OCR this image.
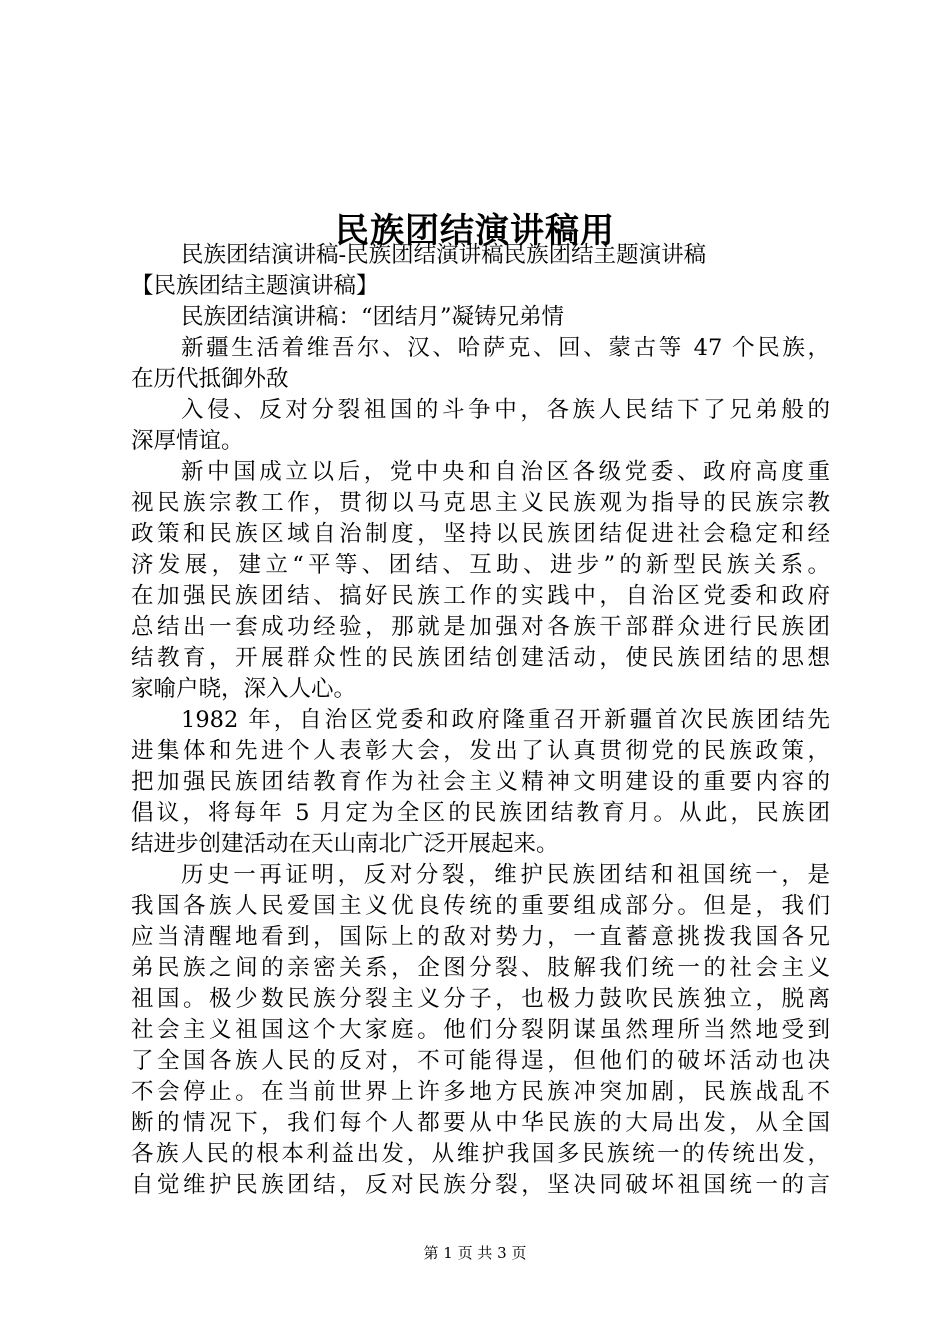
民族团结演讲稿用
民族团结演讲稿-民族团结演讲稿民族团结主题演讲稿
【民族团结主题演讲稿】
民族团结演讲稿：“团结月”凝铸兄弟情
新疆生活着维吾尔、汉、哈萨克、回、蒙古等 47 个民族，
在历代抵御外敌
入侵、反对分裂祖国的斗争中，各族人民结下了兄弟般的
深厚情谊。
新中国成立以后，党中央和自治区各级党委、政府高度重
视民族宗教工作，贯彻以马克思主义民族观为指导的民族宗教
政策和民族区域自治制度，坚持以民族团结促进社会稳定和经
济发展，建立“平等、团结、互助、进步”的新型民族关系。
在加强民族团结、搞好民族工作的实践中，自治区党委和政府
总结出一套成功经验，那就是加强对各族干部群众进行民族团
结教育，开展群众性的民族团结创建活动，使民族团结的思想
家喻户晓，深入人心。
1982 年，自治区党委和政府隆重召开新疆首次民族团结先
进集体和先进个人表彰大会，发出了认真贯彻党的民族政策，
把加强民族团结教育作为社会主义精神文明建设的重要内容的
倡议，将每年 5 月定为全区的民族团结教育月。从此，民族团
结进步创建活动在天山南北广泛开展起来。
历史一再证明，反对分裂，维护民族团结和祖国统一，是
我国各族人民爱国主义优良传统的重要组成部分。但是，我们
应当清醒地看到，国际上的敌对势力，一直蓄意挑拨我国各兄
弟民族之间的亲密关系，企图分裂、肢解我们统一的社会主义
祖国。极少数民族分裂主义分子，也极力鼓吹民族独立，脱离
社会主义祖国这个大家庭。他们分裂阴谋虽然理所当然地受到
了全国各族人民的反对，不可能得逞，但他们的破坏活动也决
不会停止。在当前世界上许多地方民族冲突加剧，民族战乱不
断的情况下，我们每个人都要从中华民族的大局出发，从全国
各族人民的根本利益出发，从维护我国多民族统一的传统出发，
自觉维护民族团结，反对民族分裂，坚决同破坏祖国统一的言
第 1 页 共 3 页
